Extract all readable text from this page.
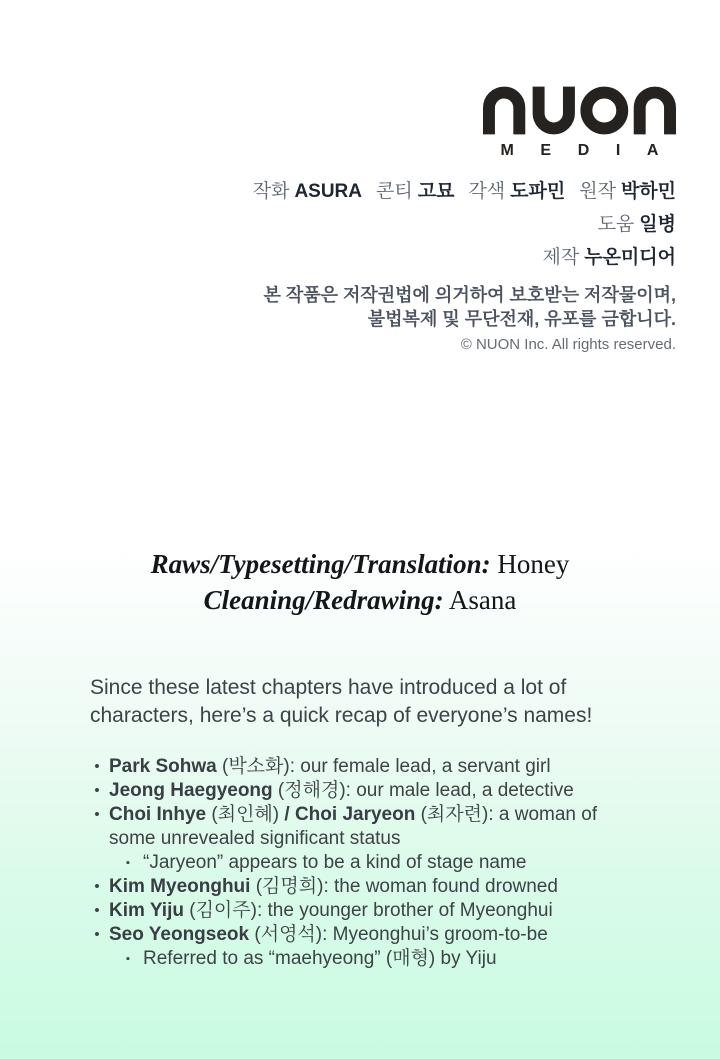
M E D I A
작화 ASURA 콘티 고묘 각색 도파민 원작 박하민
도움 일병
제작 누온미디어
본 작품은 저작권법에 의거하여 보호받는 저작물이며,
불법복제 및 무단전재, 유포를 금합니다.
© NUON Inc. All rights reserved.
Raws/Typesetting/Translation: Honey
Cleaning/Redrawing: Asana
Since these latest chapters have introduced a lot of characters, here’s a quick recap of everyone’s names!
• Park Sohwa (박소화): our female lead, a servant girl
• Jeong Haegyeong (정해경): our male lead, a detective
• Choi Inhye (최인혜) / Choi Jaryeon (최자련): a woman of some unrevealed significant status
▪ “Jaryeon” appears to be a kind of stage name
• Kim Myeonghui (김명희): the woman found drowned
• Kim Yiju (김이주): the younger brother of Myeonghui
• Seo Yeongseok (서영석): Myeonghui’s groom-to-be
▪ Referred to as “maehyeong” (매형) by Yiju
